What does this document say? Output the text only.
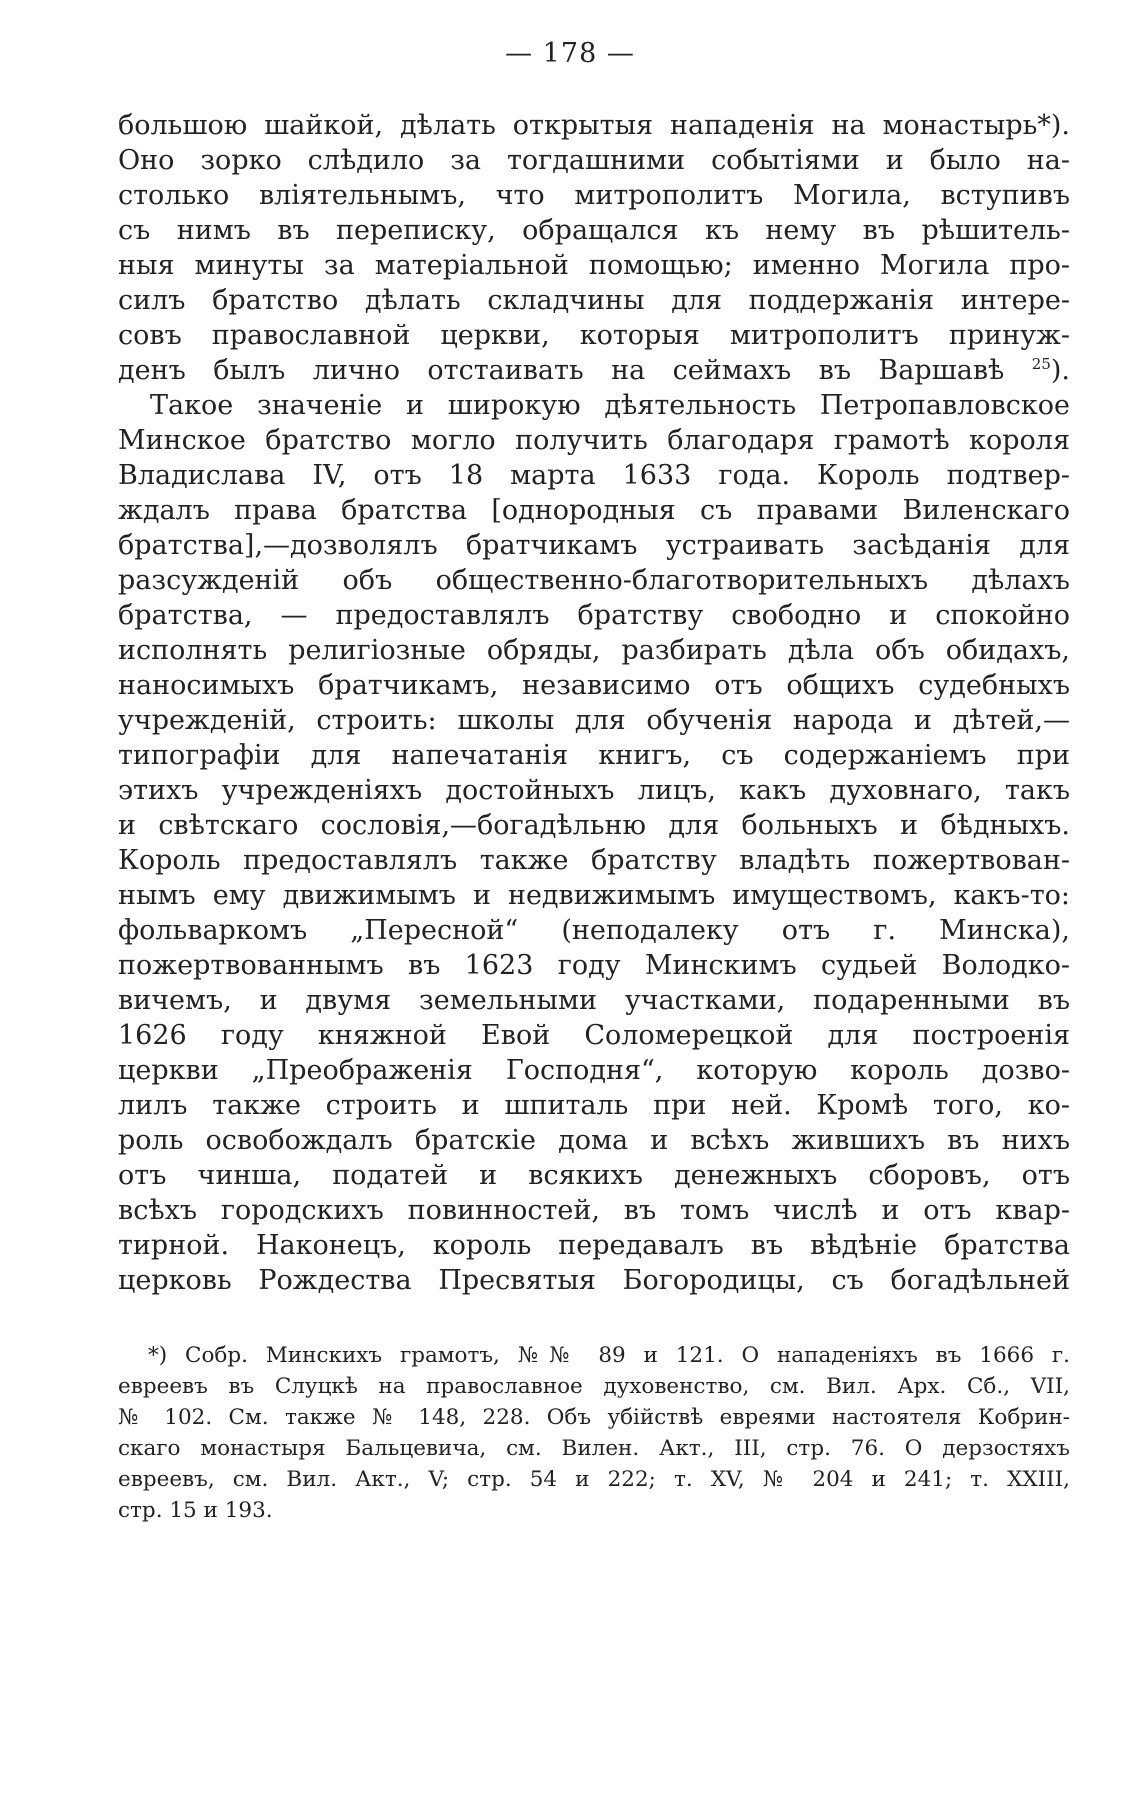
— 178 —
большою шайкой, дѣлать открытыя нападенія на монастырь*).
Оно зорко слѣдило за тогдашними событіями и было на-
столько вліятельнымъ, что митрополитъ Могила, вступивъ
съ нимъ въ переписку, обращался къ нему въ рѣшитель-
ныя минуты за матеріальной помощью; именно Могила про-
силъ братство дѣлать складчины для поддержанія интере-
совъ православной церкви, которыя митрополитъ принуж-
денъ былъ лично отстаивать на сеймахъ въ Варшавѣ $^{25}$).
Такое значеніе и широкую дѣятельность Петропавловское
Минское братство могло получить благодаря грамотѣ короля
Владислава IV, отъ 18 марта 1633 года. Король подтвер-
ждалъ права братства [однородныя съ правами Виленскаго
братства],—дозволялъ братчикамъ устраивать засѣданія для
разсужденій объ общественно-благотворительныхъ дѣлахъ
братства, — предоставлялъ братству свободно и спокойно
исполнять религіозные обряды, разбирать дѣла объ обидахъ,
наносимыхъ братчикамъ, независимо отъ общихъ судебныхъ
учрежденій, строить: школы для обученія народа и дѣтей,—
типографіи для напечатанія книгъ, съ содержаніемъ при
этихъ учрежденіяхъ достойныхъ лицъ, какъ духовнаго, такъ
и свѣтскаго сословія,—богадѣльню для больныхъ и бѣдныхъ.
Король предоставлялъ также братству владѣть пожертвован-
нымъ ему движимымъ и недвижимымъ имуществомъ, какъ-то:
фольваркомъ „Пересной“ (неподалеку отъ г. Минска),
пожертвованнымъ въ 1623 году Минскимъ судьей Володко-
вичемъ, и двумя земельными участками, подаренными въ
1626 году княжной Евой Соломерецкой для построенія
церкви „Преображенія Господня“, которую король дозво-
лилъ также строить и шпиталь при ней. Кромѣ того, ко-
роль освобождалъ братскіе дома и всѣхъ жившихъ въ нихъ
отъ чинша, податей и всякихъ денежныхъ сборовъ, отъ
всѣхъ городскихъ повинностей, въ томъ числѣ и отъ квар-
тирной. Наконецъ, король передавалъ въ вѣдѣніе братства
церковь Рождества Пресвятыя Богородицы, съ богадѣльней
*) Собр. Минскихъ грамотъ, №№ 89 и 121. О нападеніяхъ въ 1666 г.
евреевъ въ Слуцкѣ на православное духовенство, см. Вил. Арх. Сб., VII,
№ 102. См. также № 148, 228. Объ убійствѣ евреями настоятеля Кобрин-
скаго монастыря Бальцевича, см. Вилен. Акт., III, стр. 76. О дерзостяхъ
евреевъ, см. Вил. Акт., V; стр. 54 и 222; т. XV, № 204 и 241; т. XXIII,
стр. 15 и 193.
